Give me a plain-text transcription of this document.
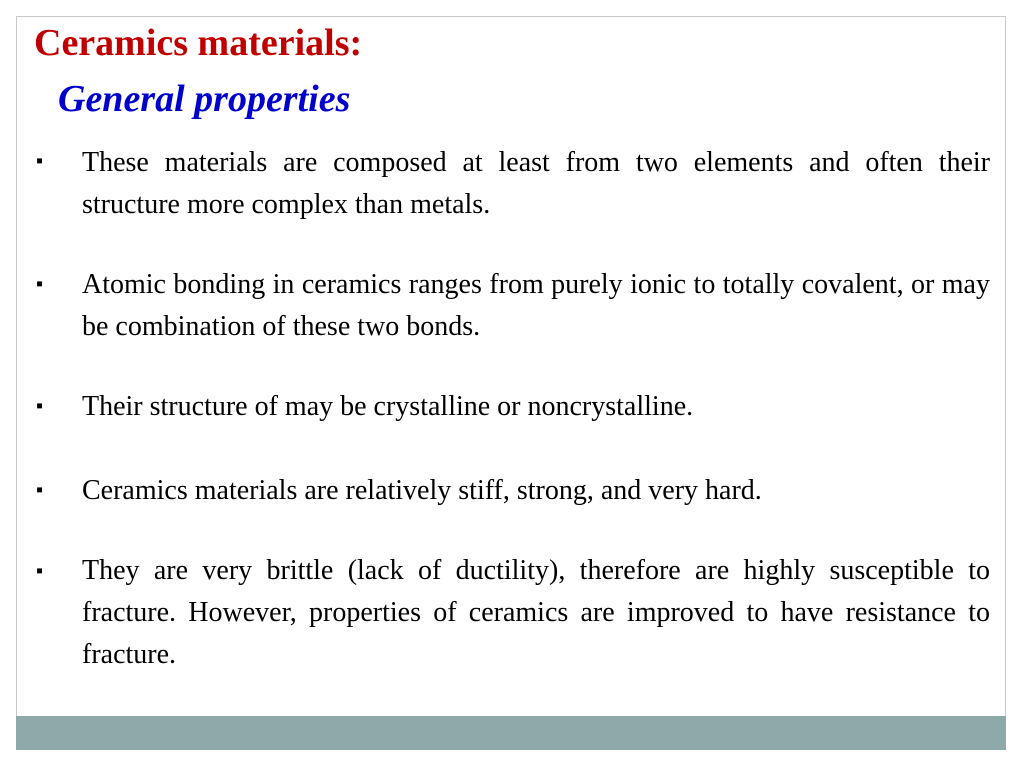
Ceramics materials:
General properties
▪ These materials are composed at least from two elements and often their structure more complex than metals.
▪ Atomic bonding in ceramics ranges from purely ionic to totally covalent, or may be combination of these two bonds.
▪ Their structure of may be crystalline or noncrystalline.
▪ Ceramics materials are relatively stiff, strong, and very hard.
▪ They are very brittle (lack of ductility), therefore are highly susceptible to fracture. However, properties of ceramics are improved to have resistance to fracture.
